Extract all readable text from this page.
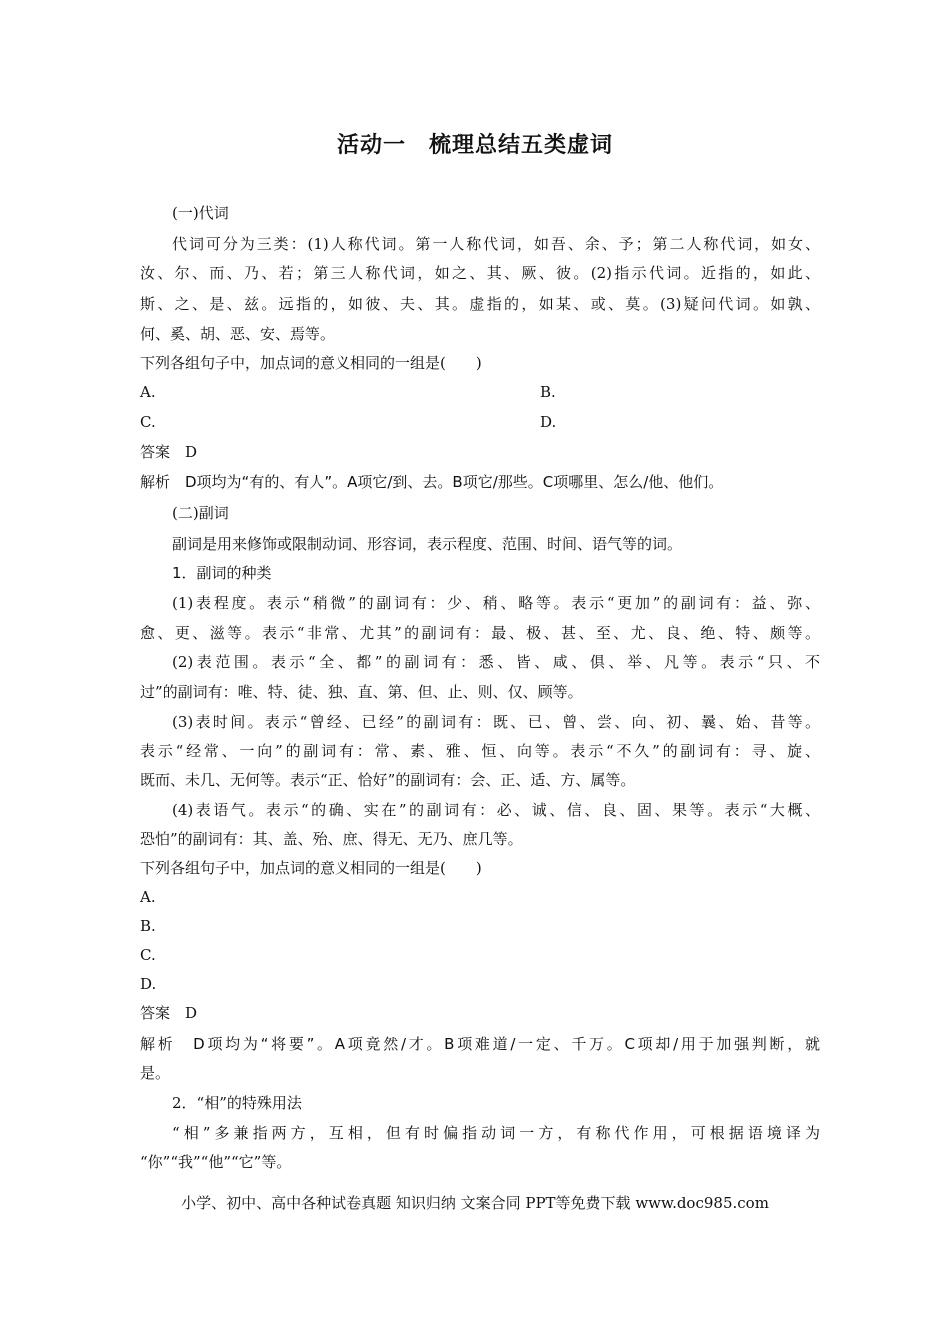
活动一　梳理总结五类虚词
(一)代词
代词可分为三类：(1)人称代词。第一人称代词，如吾、余、予；第二人称代词，如女、
汝、尔、而、乃、若；第三人称代词，如之、其、厥、彼。(2)指示代词。近指的，如此、
斯、之、是、兹。远指的，如彼、夫、其。虚指的，如某、或、莫。(3)疑问代词。如孰、
何、奚、胡、恶、安、焉等。
下列各组句子中，加点词的意义相同的一组是(　　)
A.	B.
C.	D.
答案　D
解析　D项均为“有的、有人”。A项它/到、去。B项它/那些。C项哪里、怎么/他、他们。
(二)副词
副词是用来修饰或限制动词、形容词，表示程度、范围、时间、语气等的词。
1．副词的种类
(1)表程度。表示“稍微”的副词有：少、稍、略等。表示“更加”的副词有：益、弥、
愈、更、滋等。表示“非常、尤其”的副词有：最、极、甚、至、尤、良、绝、特、颇等。
(2)表范围。表示“全、都”的副词有：悉、皆、咸、俱、举、凡等。表示“只、不
过”的副词有：唯、特、徒、独、直、第、但、止、则、仅、顾等。
(3)表时间。表示“曾经、已经”的副词有：既、已、曾、尝、向、初、曩、始、昔等。
表示“经常、一向”的副词有：常、素、雅、恒、向等。表示“不久”的副词有：寻、旋、
既而、未几、无何等。表示“正、恰好”的副词有：会、正、适、方、属等。
(4)表语气。表示“的确、实在”的副词有：必、诚、信、良、固、果等。表示“大概、
恐怕”的副词有：其、盖、殆、庶、得无、无乃、庶几等。
下列各组句子中，加点词的意义相同的一组是(　　)
A.
B.
C.
D.
答案　D
解析　D项均为“将要”。A项竟然/才。B项难道/一定、千万。C项却/用于加强判断，就
是。
2．“相”的特殊用法
“相”多兼指两方，互相，但有时偏指动词一方，有称代作用，可根据语境译为
“你”“我”“他”“它”等。
小学、初中、高中各种试卷真题 知识归纳 文案合同 PPT等免费下载 www.doc985.com
